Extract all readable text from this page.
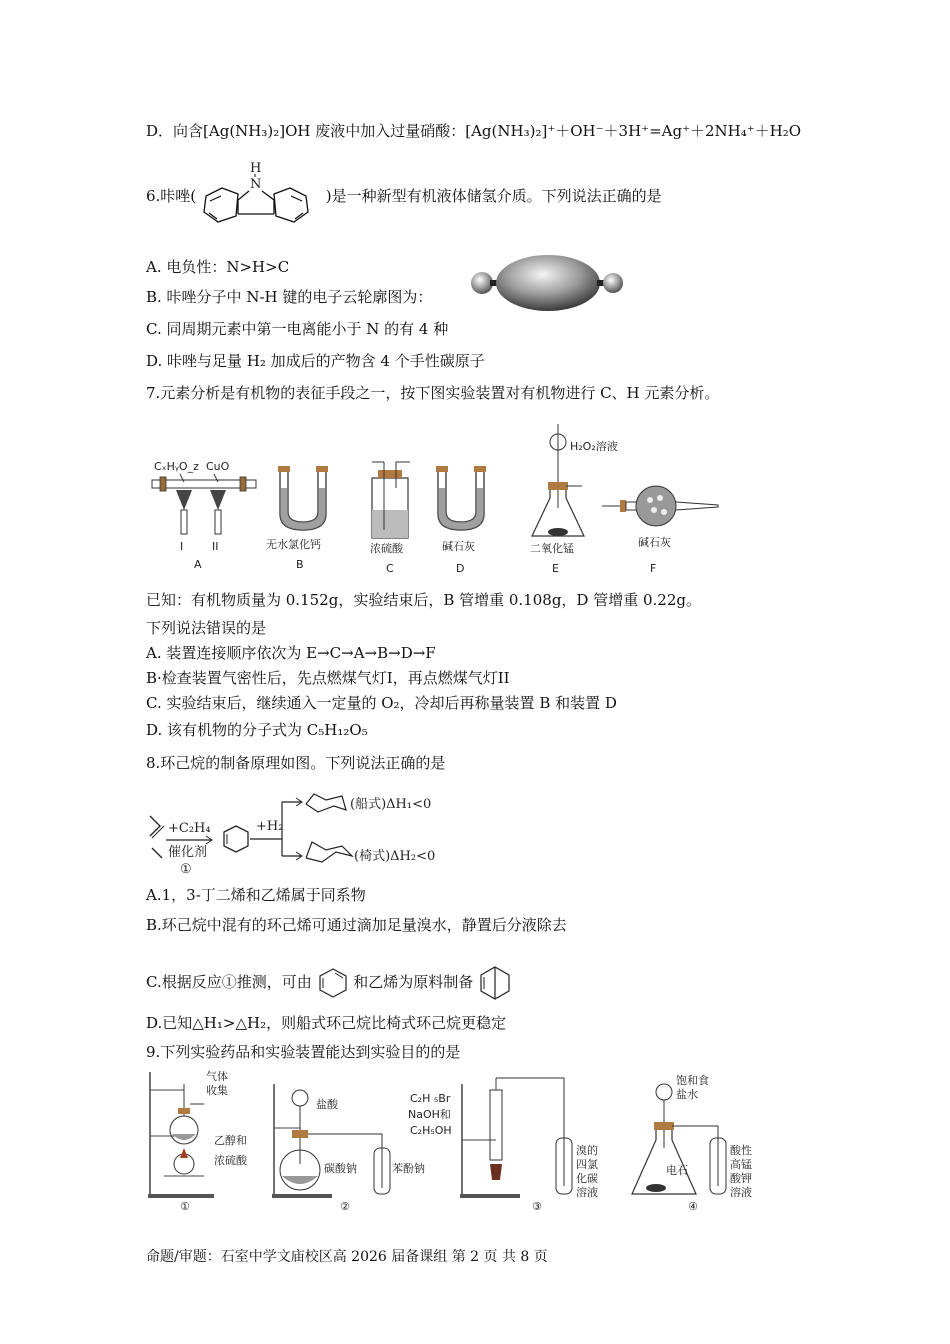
D．向含[Ag(NH₃)₂]OH 废液中加入过量硝酸：[Ag(NH₃)₂]⁺＋OH⁻＋3H⁺=Ag⁺＋2NH₄⁺＋H₂O
6.咔唑(	)是一种新型有机液体储氢介质。下列说法正确的是
H
N
A. 电负性：N>H>C
B. 咔唑分子中 N-H 键的电子云轮廓图为：
C. 同周期元素中第一电离能小于 N 的有 4 种
D. 咔唑与足量 H₂ 加成后的产物含 4 个手性碳原子
7.元素分析是有机物的表征手段之一，按下图实验装置对有机物进行 C、H 元素分析。
CₓHᵧO_z CuO
I	II
A
无水氯化钙
B
浓硫酸
C
碱石灰
D
H₂O₂溶液
二氧化锰
E
碱石灰
F
已知：有机物质量为 0.152g，实验结束后，B 管增重 0.108g，D 管增重 0.22g。
下列说法错误的是
A. 装置连接顺序依次为 E→C→A→B→D→F
B·检查装置气密性后，先点燃煤气灯I，再点燃煤气灯II
C. 实验结束后，继续通入一定量的 O₂，冷却后再称量装置 B 和装置 D
D. 该有机物的分子式为 C₅H₁₂O₅
8.环己烷的制备原理如图。下列说法正确的是
+C₂H₄
催化剂
①
+H₂
(船式)ΔH₁<0
(椅式)ΔH₂<0
A.1，3-丁二烯和乙烯属于同系物
B.环己烷中混有的环己烯可通过滴加足量溴水，静置后分液除去
C.根据反应①推测，可由	和乙烯为原料制备
D.已知△H₁>△H₂，则船式环己烷比椅式环己烷更稳定
9.下列实验药品和实验装置能达到实验目的的是
气体
收集
乙醇和
浓硫酸
①
盐酸
碳酸钠	苯酚钠
②
C₂H ₅Br
NaOH和
C₂H₅OH
溴的
四氯
化碳
溶液
③
饱和食
盐水
电石
酸性
高锰
酸钾
溶液
④
命题/审题：石室中学文庙校区高 2026 届备课组 第 2 页 共 8 页
